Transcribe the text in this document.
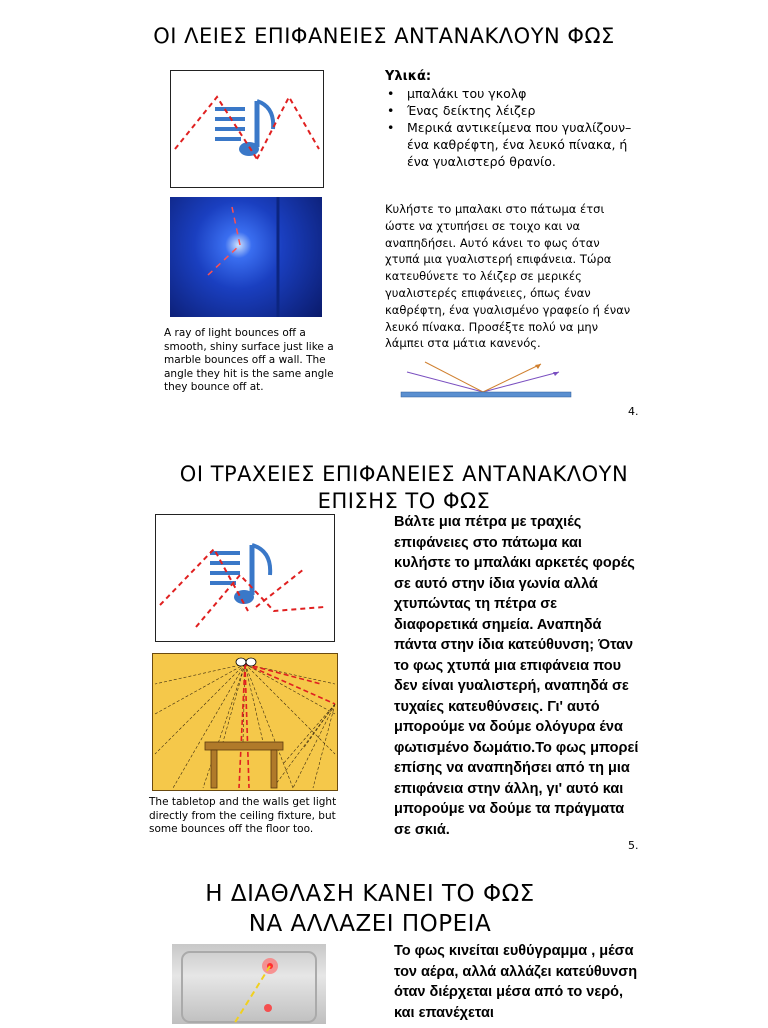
ΟΙ ΛΕΙΕΣ ΕΠΙΦΑΝΕΙΕΣ ΑΝΤΑΝΑΚΛΟΥΝ ΦΩΣ
A ray of light bounces off a smooth, shiny surface just like a marble bounces off a wall. The angle they hit is the same angle they bounce off at.
Υλικά:
• μπαλάκι του γκολφ
• Ένας δείκτης λέιζερ
• Μερικά αντικείμενα που γυαλίζουν– ένα καθρέφτη, ένα λευκό πίνακα, ή ένα γυαλιστερό θρανίο.
Κυλήστε το μπαλακι στο πάτωμα έτσι ώστε να χτυπήσει σε τοιχο και να αναπηδήσει. Αυτό κάνει το φως όταν χτυπά μια γυαλιστερή επιφάνεια. Τώρα κατευθύνετε το λέιζερ σε μερικές γυαλιστερές επιφάνειες, όπως έναν καθρέφτη, ένα γυαλισμένο γραφείο ή έναν λευκό πίνακα. Προσέξτε πολύ να μην λάμπει στα μάτια κανενός.
4.
ΟΙ ΤΡΑΧΕΙΕΣ ΕΠΙΦΑΝΕΙΕΣ ΑΝΤΑΝΑΚΛΟΥΝ
ΕΠΙΣΗΣ ΤΟ ΦΩΣ
The tabletop and the walls get light directly from the ceiling fixture, but some bounces off the floor too.
Βάλτε μια πέτρα με τραχιές επιφάνειες στο πάτωμα και κυλήστε το μπαλάκι αρκετές φορές σε αυτό στην ίδια γωνία αλλά χτυπώντας τη πέτρα σε διαφορετικά σημεία. Αναπηδά πάντα στην ίδια κατεύθυνση; Όταν το φως χτυπά μια επιφάνεια που δεν είναι γυαλιστερή, αναπηδά σε τυχαίες κατευθύνσεις. Γι' αυτό μπορούμε να δούμε ολόγυρα ένα φωτισμένο δωμάτιο.Το φως μπορεί επίσης να αναπηδήσει από τη μια επιφάνεια στην άλλη, γι' αυτό και μπορούμε να δούμε τα πράγματα σε σκιά.
5.
Η ΔΙΑΘΛΑΣΗ ΚΑΝΕΙ ΤΟ ΦΩΣ
ΝΑ ΑΛΛΑΖΕΙ ΠΟΡΕΙΑ
Το φως κινείται ευθύγραμμα , μέσα τον αέρα, αλλά αλλάζει κατεύθυνση όταν διέρχεται μέσα από το νερό, και επανέχεται
